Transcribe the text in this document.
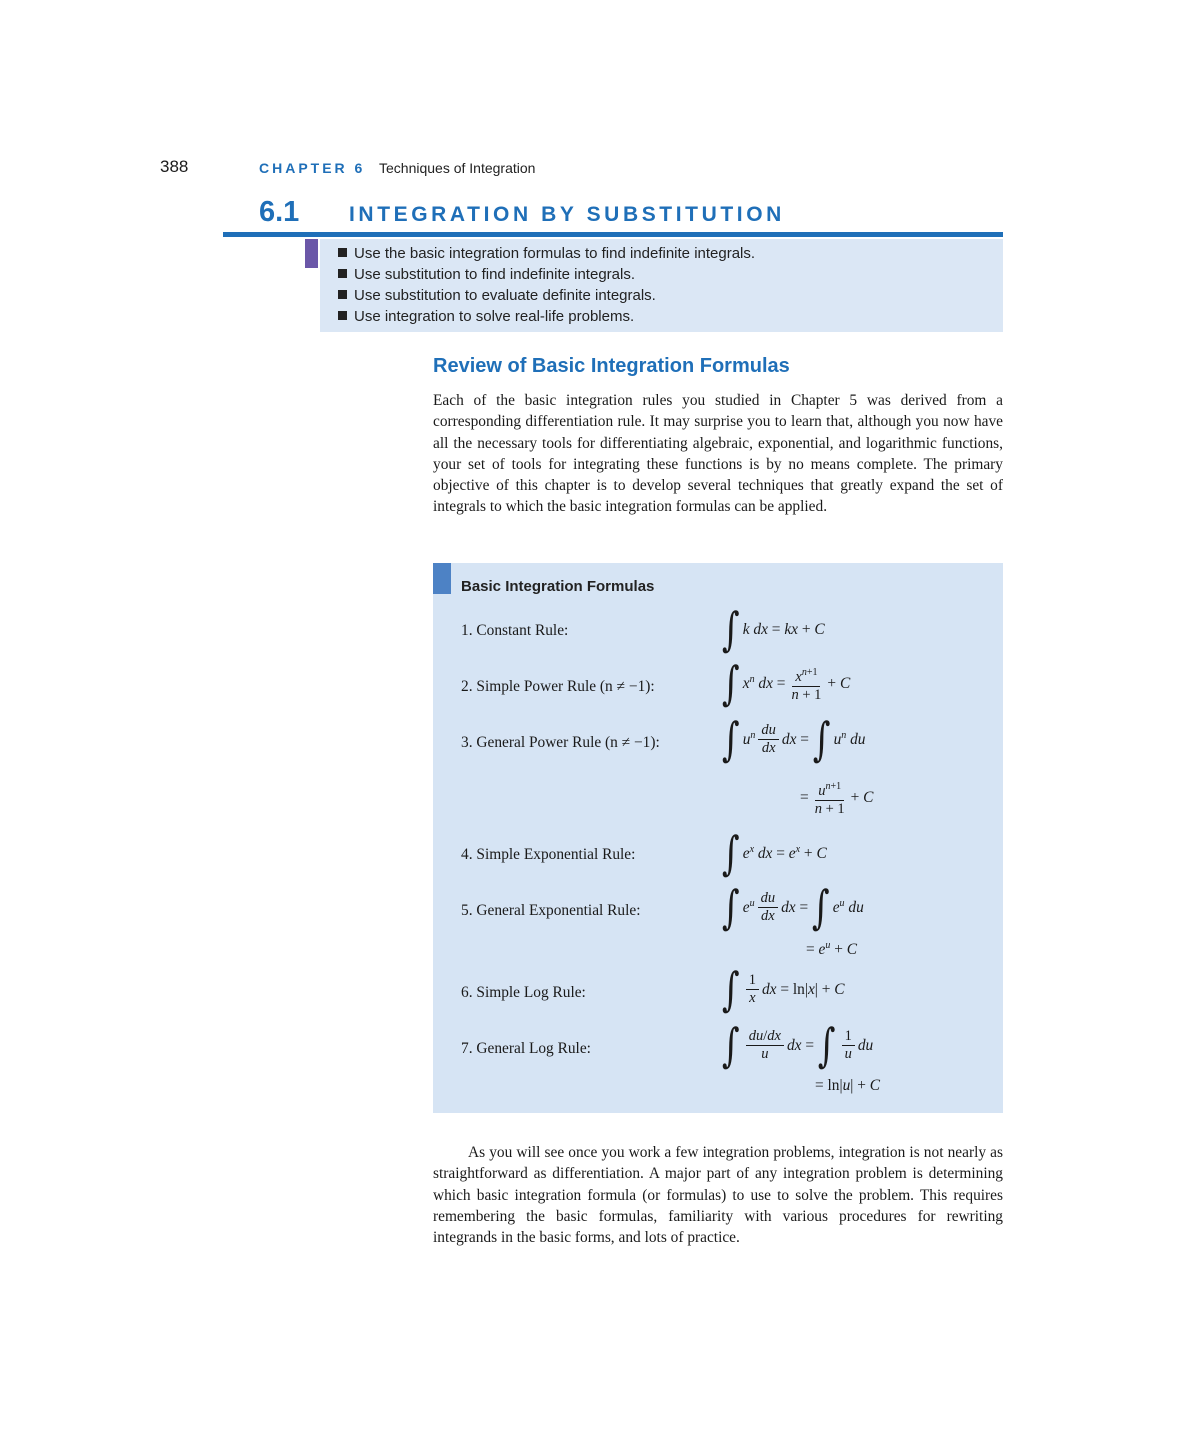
388	CHAPTER 6 Techniques of Integration
6.1 INTEGRATION BY SUBSTITUTION
Use the basic integration formulas to find indefinite integrals.
Use substitution to find indefinite integrals.
Use substitution to evaluate definite integrals.
Use integration to solve real-life problems.
Review of Basic Integration Formulas
Each of the basic integration rules you studied in Chapter 5 was derived from a corresponding differentiation rule. It may surprise you to learn that, although you now have all the necessary tools for differentiating algebraic, exponential, and logarithmic functions, your set of tools for integrating these functions is by no means complete. The primary objective of this chapter is to develop several techniques that greatly expand the set of integrals to which the basic integration formulas can be applied.
Basic Integration Formulas
1. Constant Rule:	∫ k dx = kx + C
2. Simple Power Rule (n ≠ −1): ∫ $x^n$ dx = $\frac{x^{n+1}}{n + 1} + C$
3. General Power Rule (n ≠ −1): ∫ $u^n \frac{du}{dx}$ dx = ∫ $u^n$ du
= $\frac{u^{n+1}}{n + 1} + C$
4. Simple Exponential Rule:	∫ $e^x$ dx = $e^x + C$
5. General Exponential Rule: ∫ $e^u \frac{du}{dx}$ dx = ∫ $e^u$ du
= $e^u + C$
6. Simple Log Rule:	∫ $\frac{1}{x}$ dx = ln| x | + C
7. General Log Rule:	∫ $\frac{du/dx}{u}$ dx = ∫ $\frac{1}{u}$ du
= ln| u | + C
As you will see once you work a few integration problems, integration is not nearly as straightforward as differentiation. A major part of any integration problem is determining which basic integration formula (or formulas) to use to solve the problem. This requires remembering the basic formulas, familiarity with various procedures for rewriting integrands in the basic forms, and lots of practice.
